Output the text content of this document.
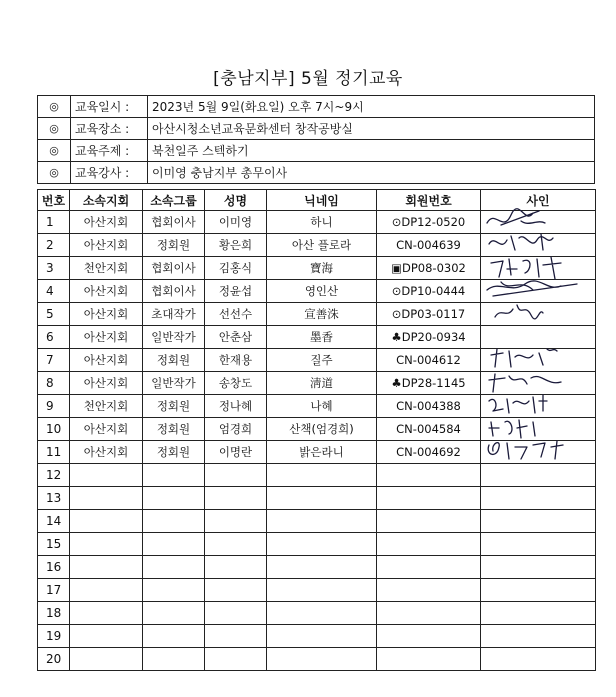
[충남지부] 5월 정기교육
◎	교육일시 :	2023년 5월 9일(화요일) 오후 7시~9시
◎	교육장소 :	아산시청소년교육문화센터 창작공방실
◎	교육주제 :	북천일주 스텍하기
◎	교육강사 :	이미영 충남지부 총무이사
번호	소속지회	소속그룹	성명	닉네임	회원번호	사인
1	아산지회	협회이사	이미영	하니	⊙DP12-0520	

2	아산지회	정회원	황은희	아산 플로라	CN-004639	

3	천안지회	협회이사	김홍식	寶海	▣DP08-0302	

4	아산지회	협회이사	정윤섭	영인산	⊙DP10-0444	

5	아산지회	초대작가	선선수	宣善洙	⊙DP03-0117	

6	아산지회	일반작가	안춘삼	墨香	♣DP20-0934	
7	아산지회	정회원	한재용	질주	CN-004612	

8	아산지회	일반작가	송창도	淸道	♣DP28-1145	

9	천안지회	정회원	정나혜	나혜	CN-004388	

10	아산지회	정회원	엄경희	산책(엄경희)	CN-004584	

11	아산지회	정회원	이명란	밝은라니	CN-004692	

12						
13						
14						
15						
16						
17						
18						
19						
20						
